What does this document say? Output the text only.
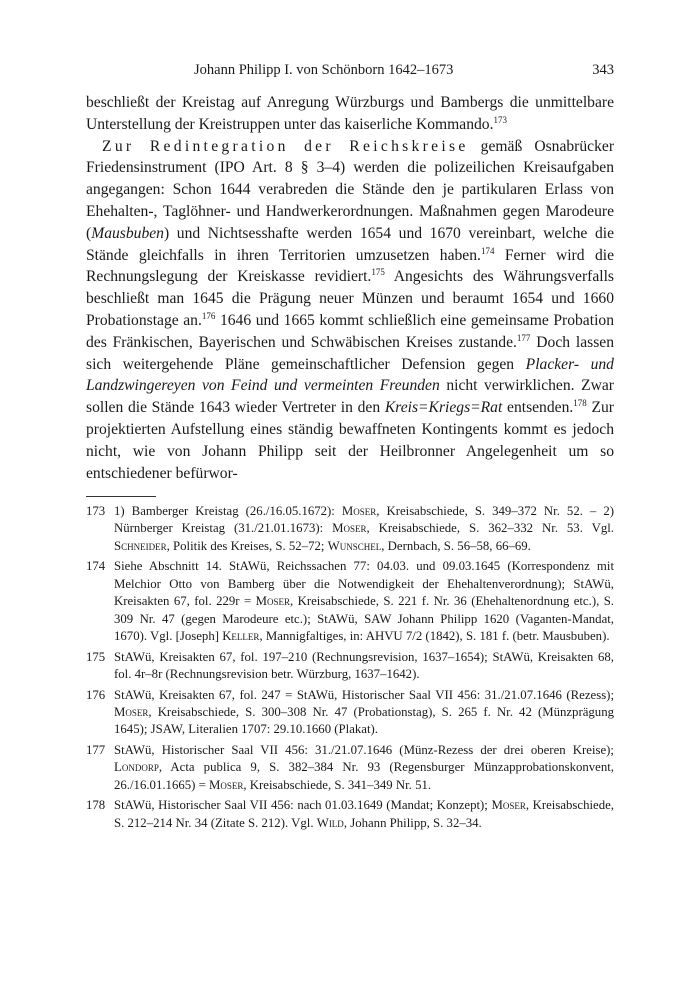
Johann Philipp I. von Schönborn 1642–1673	343

beschließt der Kreistag auf Anregung Würzburgs und Bambergs die unmittelbare Unterstellung der Kreistruppen unter das kaiserliche Kommando.$^{173}$

Zur Redintegration der Reichskreise gemäß Osnabrücker Friedensinstrument (IPO Art. 8 § 3–4) werden die polizeilichen Kreisaufgaben angegangen: Schon 1644 verabreden die Stände den je partikularen Erlass von Ehehalten-, Taglöhner- und Handwerkerordnungen. Maßnahmen gegen Marodeure (Mausbuben) und Nichtsesshafte werden 1654 und 1670 vereinbart, welche die Stände gleichfalls in ihren Territorien umzusetzen haben.$^{174}$ Ferner wird die Rechnungslegung der Kreiskasse revidiert.$^{175}$ Angesichts des Währungsverfalls beschließt man 1645 die Prägung neuer Münzen und beraumt 1654 und 1660 Probationstage an.$^{176}$ 1646 und 1665 kommt schließlich eine gemeinsame Probation des Fränkischen, Bayerischen und Schwäbischen Kreises zustande.$^{177}$ Doch lassen sich weitergehende Pläne gemeinschaftlicher Defension gegen Placker- und Landzwingereyen von Feind und vermeinten Freunden nicht verwirklichen. Zwar sollen die Stände 1643 wieder Vertreter in den Kreis=Kriegs=Rat entsenden.$^{178}$ Zur projektierten Aufstellung eines ständig bewaffneten Kontingents kommt es jedoch nicht, wie von Johann Philipp seit der Heilbronner Angelegenheit um so entschiedener befürwor-

173 1) Bamberger Kreistag (26./16.05.1672): Moser, Kreisabschiede, S. 349–372 Nr. 52. – 2) Nürnberger Kreistag (31./21.01.1673): Moser, Kreisabschiede, S. 362–332 Nr. 53. Vgl. Schneider, Politik des Kreises, S. 52–72; Wunschel, Dernbach, S. 56–58, 66–69.
174 Siehe Abschnitt 14. StAWü, Reichssachen 77: 04.03. und 09.03.1645 (Korrespondenz mit Melchior Otto von Bamberg über die Notwendigkeit der Ehehaltenverordnung); StAWü, Kreisakten 67, fol. 229r = Moser, Kreisabschiede, S. 221 f. Nr. 36 (Ehehaltenordnung etc.), S. 309 Nr. 47 (gegen Marodeure etc.); StAWü, SAW Johann Philipp 1620 (Vaganten-Mandat, 1670). Vgl. [Joseph] Keller, Mannigfaltiges, in: AHVU 7/2 (1842), S. 181 f. (betr. Mausbuben).
175 StAWü, Kreisakten 67, fol. 197–210 (Rechnungsrevision, 1637–1654); StAWü, Kreisakten 68, fol. 4r–8r (Rechnungsrevision betr. Würzburg, 1637–1642).
176 StAWü, Kreisakten 67, fol. 247 = StAWü, Historischer Saal VII 456: 31./21.07.1646 (Rezess); Moser, Kreisabschiede, S. 300–308 Nr. 47 (Probationstag), S. 265 f. Nr. 42 (Münzprägung 1645); JSAW, Literalien 1707: 29.10.1660 (Plakat).
177 StAWü, Historischer Saal VII 456: 31./21.07.1646 (Münz-Rezess der drei oberen Kreise); Londorp, Acta publica 9, S. 382–384 Nr. 93 (Regensburger Münzapprobationskonvent, 26./16.01.1665) = Moser, Kreisabschiede, S. 341–349 Nr. 51.
178 StAWü, Historischer Saal VII 456: nach 01.03.1649 (Mandat; Konzept); Moser, Kreisabschiede, S. 212–214 Nr. 34 (Zitate S. 212). Vgl. Wild, Johann Philipp, S. 32–34.
